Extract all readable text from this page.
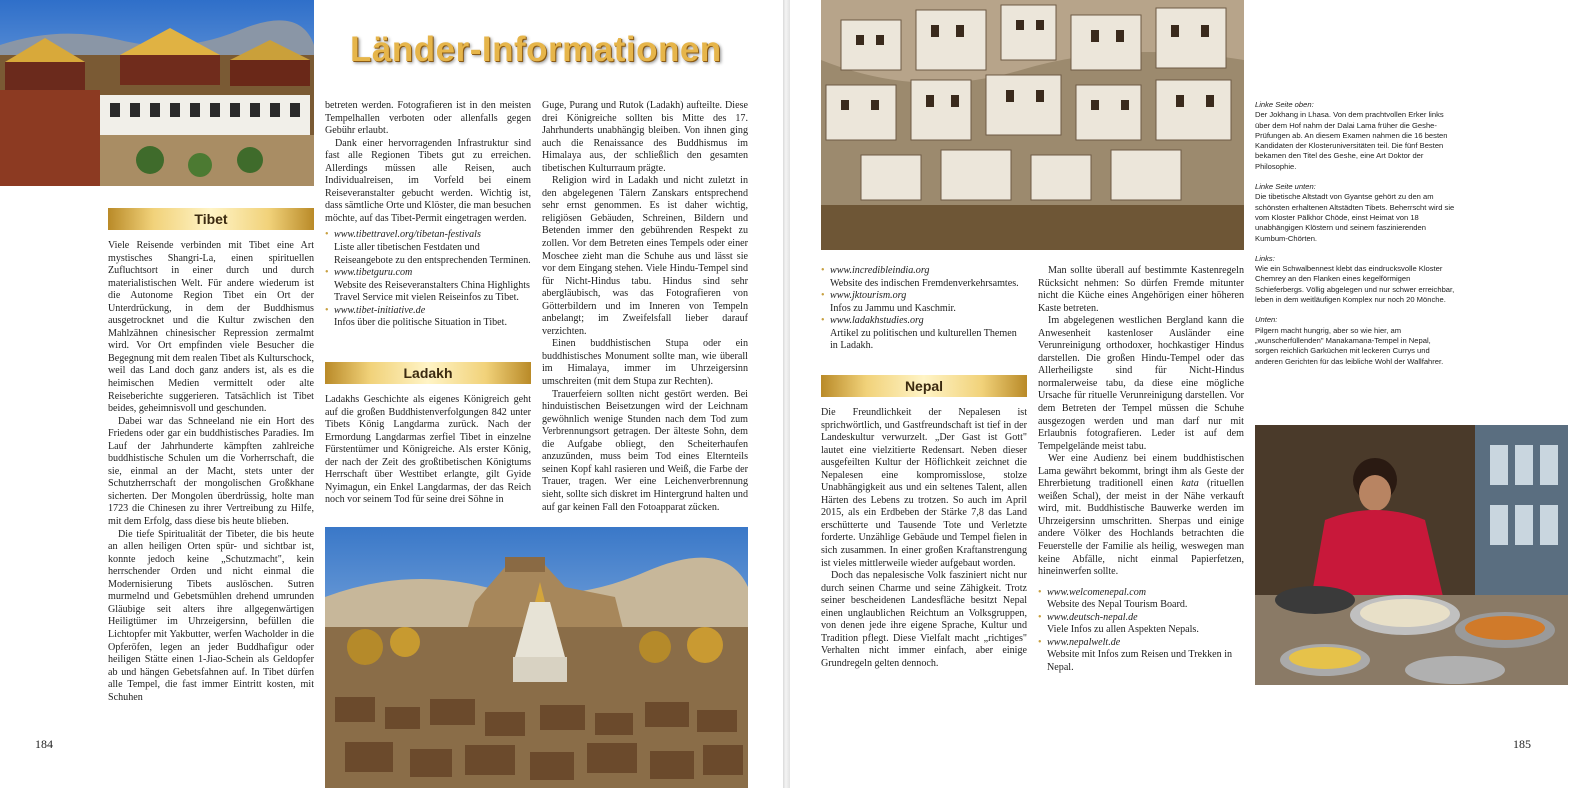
Länder-Informationen
Tibet

Viele Reisende verbinden mit Tibet eine Art mystisches Shangri-La, einen spirituellen Zufluchtsort in einer durch und durch materialistischen Welt. Für andere wiederum ist die Autonome Region Tibet ein Ort der Unterdrückung, in dem der Buddhismus ausgetrocknet und die Kultur zwischen den Mahlzähnen chinesischer Repression zermalmt wird. Vor Ort empfinden viele Besucher die Begegnung mit dem realen Tibet als Kulturschock, weil das Land doch ganz anders ist, als es die heimischen Medien vermittelt oder alte Reiseberichte suggerieren. Tatsächlich ist Tibet beides, geheimnisvoll und geschunden.

Dabei war das Schneeland nie ein Hort des Friedens oder gar ein buddhistisches Paradies. Im Lauf der Jahrhunderte kämpften zahlreiche buddhistische Schulen um die Vorherrschaft, die sie, einmal an der Macht, stets unter der Schutzherrschaft der mongolischen Großkhane sicherten. Der Mongolen überdrüssig, holte man 1723 die Chinesen zu ihrer Vertreibung zu Hilfe, mit dem Erfolg, dass diese bis heute blieben.

Die tiefe Spiritualität der Tibeter, die bis heute an allen heiligen Orten spür- und sichtbar ist, konnte jedoch keine „Schutzmacht", kein herrschender Orden und nicht einmal die Modernisierung Tibets auslöschen. Sutren murmelnd und Gebetsmühlen drehend umrunden Gläubige seit alters ihre allgegenwärtigen Heiligtümer im Uhrzeigersinn, befüllen die Lichtopfer mit Yakbutter, werfen Wacholder in die Opferöfen, legen an jeder Buddhafigur oder heiligen Stätte einen 1-Jiao-Schein als Geldopfer ab und hängen Gebetsfahnen auf. In Tibet dürfen alle Tempel, die fast immer Eintritt kosten, mit Schuhen

betreten werden. Fotografieren ist in den meisten Tempelhallen verboten oder allenfalls gegen Gebühr erlaubt.

Dank einer hervorragenden Infrastruktur sind fast alle Regionen Tibets gut zu erreichen. Allerdings müssen alle Reisen, auch Individualreisen, im Vorfeld bei einem Reiseveranstalter gebucht werden. Wichtig ist, dass sämtliche Orte und Klöster, die man besuchen möchte, auf das Tibet-Permit eingetragen werden.

• www.tibettravel.org/tibetan-festivals
Liste aller tibetischen Festdaten und Reiseangebote zu den entsprechenden Terminen.
• www.tibetguru.com
Website des Reiseveranstalters China Highlights Travel Service mit vielen Reiseinfos zu Tibet.
• www.tibet-initiative.de
Infos über die politische Situation in Tibet.
Ladakh

Ladakhs Geschichte als eigenes Königreich geht auf die großen Buddhistenverfolgungen 842 unter Tibets König Langdarma zurück. Nach der Ermordung Langdarmas zerfiel Tibet in einzelne Fürstentümer und Königreiche. Als erster König, der nach der Zeit des großtibetischen Königtums Herrschaft über Westtibet erlangte, gilt Gyide Nyimagun, ein Enkel Langdarmas, der das Reich noch vor seinem Tod für seine drei Söhne in

Guge, Purang und Rutok (Ladakh) aufteilte. Diese drei Königreiche sollten bis Mitte des 17. Jahrhunderts unabhängig bleiben. Von ihnen ging auch die Renaissance des Buddhismus im Himalaya aus, der schließlich den gesamten tibetischen Kulturraum prägte.

Religion wird in Ladakh und nicht zuletzt in den abgelegenen Tälern Zanskars entsprechend sehr ernst genommen. Es ist daher wichtig, religiösen Gebäuden, Schreinen, Bildern und Betenden immer den gebührenden Respekt zu zollen. Vor dem Betreten eines Tempels oder einer Moschee zieht man die Schuhe aus und lässt sie vor dem Eingang stehen. Viele Hindu-Tempel sind für Nicht-Hindus tabu. Hindus sind sehr abergläubisch, was das Fotografieren von Götterbildern und im Inneren von Tempeln anbelangt; im Zweifelsfall lieber darauf verzichten.

Einen buddhistischen Stupa oder ein buddhistisches Monument sollte man, wie überall im Himalaya, immer im Uhrzeigersinn umschreiten (mit dem Stupa zur Rechten).

Trauerfeiern sollten nicht gestört werden. Bei hinduistischen Beisetzungen wird der Leichnam gewöhnlich wenige Stunden nach dem Tod zum Verbrennungsort getragen. Der älteste Sohn, dem die Aufgabe obliegt, den Scheiterhaufen anzuzünden, muss beim Tod eines Elternteils seinen Kopf kahl rasieren und Weiß, die Farbe der Trauer, tragen. Wer eine Leichenverbrennung sieht, sollte sich diskret im Hintergrund halten und auf gar keinen Fall den Fotoapparat zücken.

184
• www.incredibleindia.org
Website des indischen Fremdenverkehrsamtes.
• www.jktourism.org
Infos zu Jammu und Kaschmir.
• www.ladakhstudies.org
Artikel zu politischen und kulturellen Themen in Ladakh.
Nepal

Die Freundlichkeit der Nepalesen ist sprichwörtlich, und Gastfreundschaft ist tief in der Landeskultur verwurzelt. „Der Gast ist Gott" lautet eine vielzitierte Redensart. Neben dieser ausgefeilten Kultur der Höflichkeit zeichnet die Nepalesen eine kompromisslose, stolze Unabhängigkeit aus und ein seltenes Talent, allen Härten des Lebens zu trotzen. So auch im April 2015, als ein Erdbeben der Stärke 7,8 das Land erschütterte und Tausende Tote und Verletzte forderte. Unzählige Gebäude und Tempel fielen in sich zusammen. In einer großen Kraftanstrengung ist vieles mittlerweile wieder aufgebaut worden.

Doch das nepalesische Volk fasziniert nicht nur durch seinen Charme und seine Zähigkeit. Trotz seiner bescheidenen Landesfläche besitzt Nepal einen unglaublichen Reichtum an Volksgruppen, von denen jede ihre eigene Sprache, Kultur und Tradition pflegt. Diese Vielfalt macht „richtiges" Verhalten nicht immer einfach, aber einige Grundregeln gelten dennoch.

Man sollte überall auf bestimmte Kastenregeln Rücksicht nehmen: So dürfen Fremde mitunter nicht die Küche eines Angehörigen einer höheren Kaste betreten.

Im abgelegenen westlichen Bergland kann die Anwesenheit kastenloser Ausländer eine Verunreinigung orthodoxer, hochkastiger Hindus darstellen. Die großen Hindu-Tempel oder das Allerheiligste sind für Nicht-Hindus normalerweise tabu, da diese eine mögliche Ursache für rituelle Verunreinigung darstellen. Vor dem Betreten der Tempel müssen die Schuhe ausgezogen werden und man darf nur mit Erlaubnis fotografieren. Leder ist auf dem Tempelgelände meist tabu.

Wer eine Audienz bei einem buddhistischen Lama gewährt bekommt, bringt ihm als Geste der Ehrerbietung traditionell einen kata (rituellen weißen Schal), der meist in der Nähe verkauft wird, mit. Buddhistische Bauwerke werden im Uhrzeigersinn umschritten. Sherpas und einige andere Völker des Hochlands betrachten die Feuerstelle der Familie als heilig, weswegen man keine Abfälle, nicht einmal Papierfetzen, hineinwerfen sollte.

• www.welcomenepal.com
Website des Nepal Tourism Board.
• www.deutsch-nepal.de
Viele Infos zu allen Aspekten Nepals.
• www.nepalwelt.de
Website mit Infos zum Reisen und Trekken in Nepal.
185
Linke Seite oben:
Der Jokhang in Lhasa. Von dem prachtvollen Erker links über dem Hof nahm der Dalai Lama früher die Geshe-Prüfungen ab. An diesem Examen nahmen die 16 besten Kandidaten der Klosteruniversitäten teil. Die fünf Besten bekamen den Titel des Geshe, eine Art Doktor der Philosophie.
Linke Seite unten:
Die tibetische Altstadt von Gyantse gehört zu den am schönsten erhaltenen Altstädten Tibets. Beherrscht wird sie vom Kloster Pälkhor Chöde, einst Heimat von 18 unabhängigen Klöstern und seinem faszinierenden Kumbum-Chörten.
Links:
Wie ein Schwalbennest klebt das eindrucksvolle Kloster Chemrey an den Flanken eines kegelförmigen Schieferbergs. Völlig abgelegen und nur schwer erreichbar, leben in dem weitläufigen Komplex nur noch 20 Mönche.
Unten:
Pilgern macht hungrig, aber so wie hier, am „wunscherfüllenden" Manakamana-Tempel in Nepal, sorgen reichlich Garküchen mit leckeren Currys und anderen Gerichten für das leibliche Wohl der Wallfahrer.
